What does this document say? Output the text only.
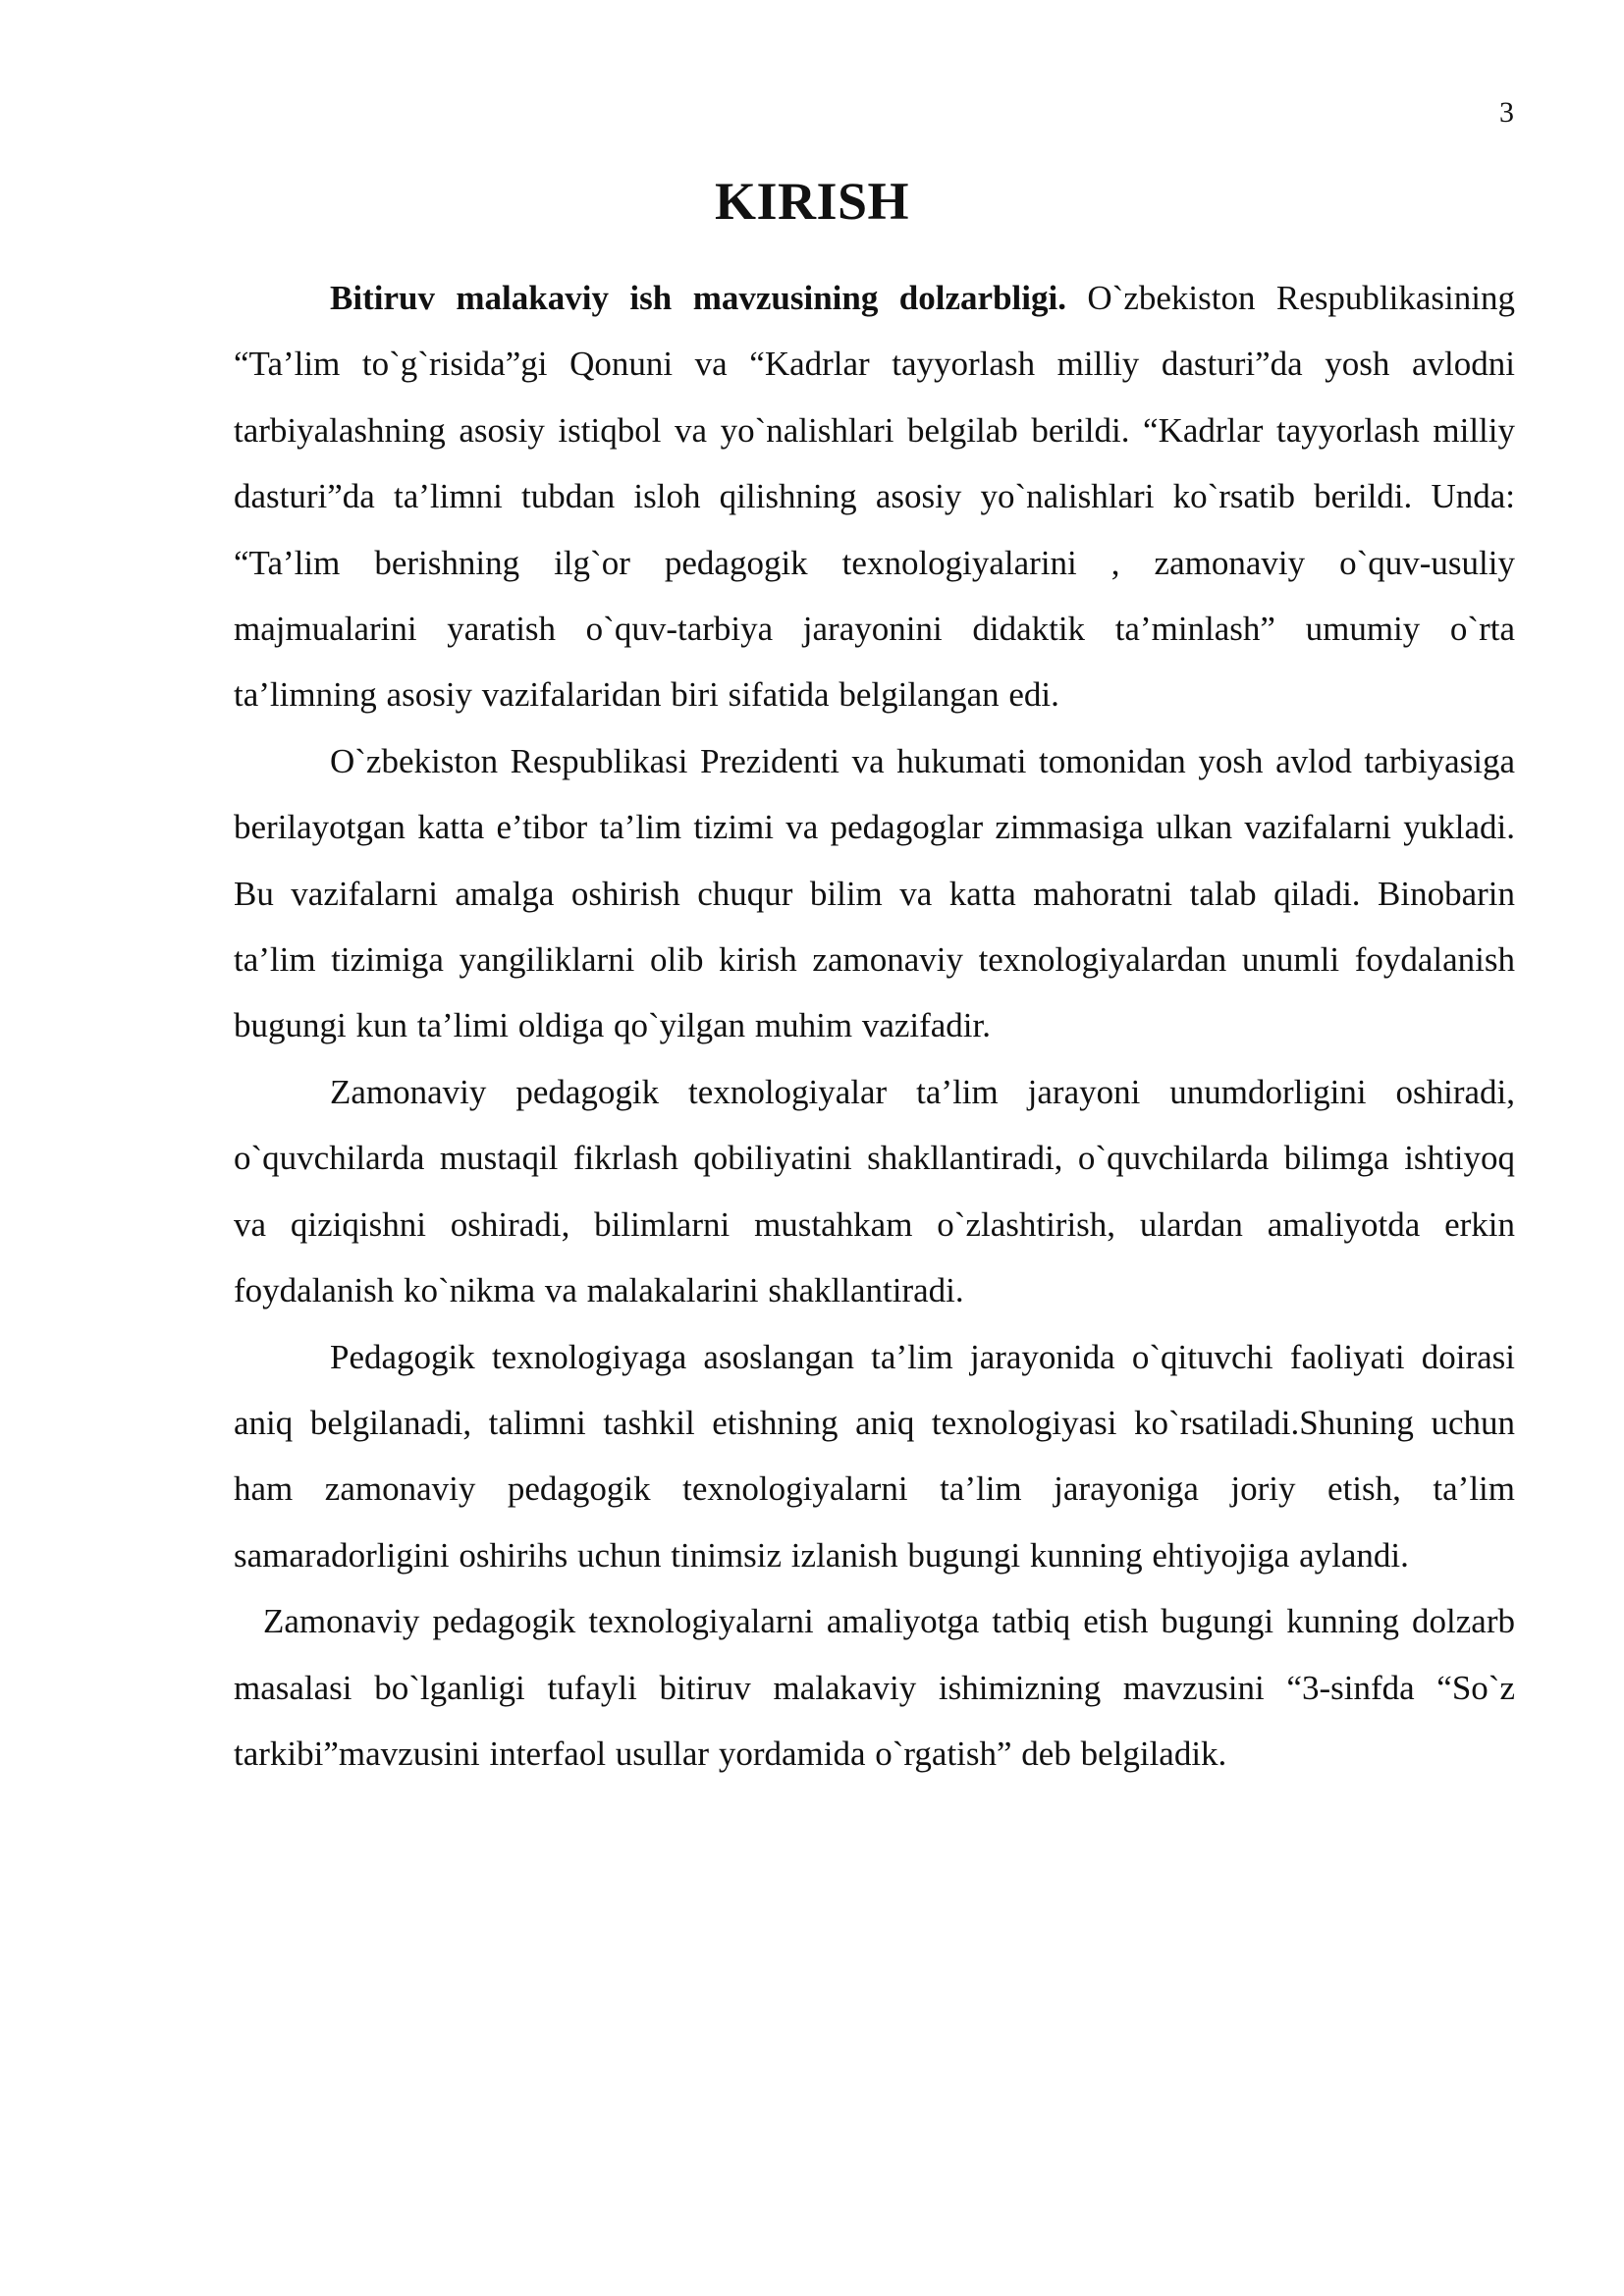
3
KIRISH

Bitiruv malakaviy ish mavzusining dolzarbligi. O`zbekiston Respublikasining “Ta’lim to`g`risida”gi Qonuni va “Kadrlar tayyorlash milliy dasturi”da yosh avlodni tarbiyalashning asosiy istiqbol va yo`nalishlari belgilab berildi. “Kadrlar tayyorlash milliy dasturi”da ta’limni tubdan isloh qilishning asosiy yo`nalishlari ko`rsatib berildi. Unda: “Ta’lim berishning ilg`or pedagogik texnologiyalarini , zamonaviy o`quv-usuliy majmualarini yaratish o`quv-tarbiya jarayonini didaktik ta’minlash” umumiy o`rta ta’limning asosiy vazifalaridan biri sifatida belgilangan edi.

O`zbekiston Respublikasi Prezidenti va hukumati tomonidan yosh avlod tarbiyasiga berilayotgan katta e’tibor ta’lim tizimi va pedagoglar zimmasiga ulkan vazifalarni yukladi. Bu vazifalarni amalga oshirish chuqur bilim va katta mahoratni talab qiladi. Binobarin ta’lim tizimiga yangiliklarni olib kirish zamonaviy texnologiyalardan unumli foydalanish bugungi kun ta’limi oldiga qo`yilgan muhim vazifadir.

Zamonaviy pedagogik texnologiyalar ta’lim jarayoni unumdorligini oshiradi, o`quvchilarda mustaqil fikrlash qobiliyatini shakllantiradi, o`quvchilarda bilimga ishtiyoq va qiziqishni oshiradi, bilimlarni mustahkam o`zlashtirish, ulardan amaliyotda erkin foydalanish ko`nikma va malakalarini shakllantiradi.

Pedagogik texnologiyaga asoslangan ta’lim jarayonida o`qituvchi faoliyati doirasi aniq belgilanadi, talimni tashkil etishning aniq texnologiyasi ko`rsatiladi.Shuning uchun ham zamonaviy pedagogik texnologiyalarni ta’lim jarayoniga joriy etish, ta’lim samaradorligini oshirihs uchun tinimsiz izlanish bugungi kunning ehtiyojiga aylandi.

Zamonaviy pedagogik texnologiyalarni amaliyotga tatbiq etish bugungi kunning dolzarb masalasi bo`lganligi tufayli bitiruv malakaviy ishimizning mavzusini “3-sinfda “So`z tarkibi”mavzusini interfaol usullar yordamida o`rgatish” deb belgiladik.
